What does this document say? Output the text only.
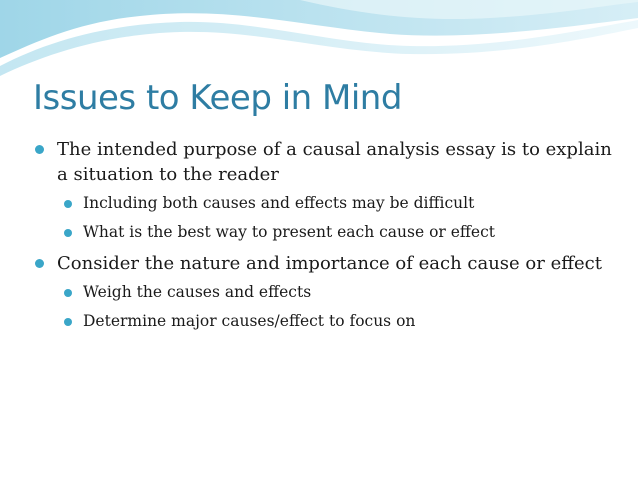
Issues to Keep in Mind
The intended purpose of a causal analysis essay is to explain a situation to the reader
Including both causes and effects may be difficult
What is the best way to present each cause or effect
Consider the nature and importance of each cause or effect
Weigh the causes and effects
Determine major causes/effect to focus on
